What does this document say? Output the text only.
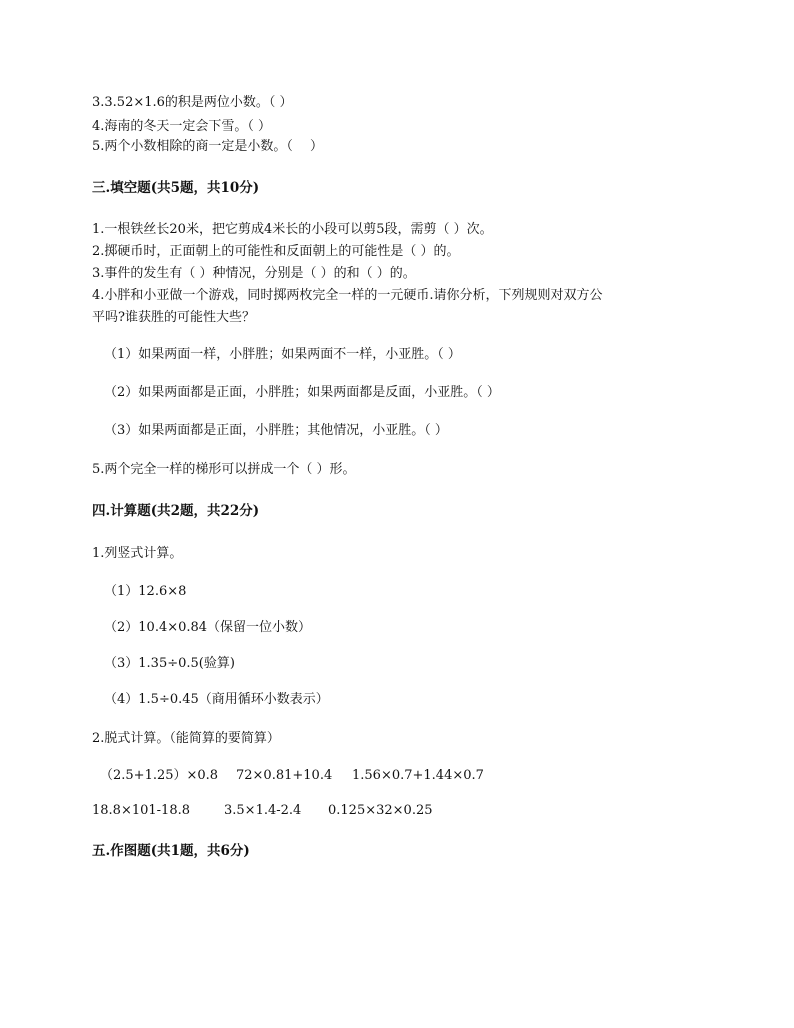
3.3.52×1.6的积是两位小数。（ ）
4.海南的冬天一定会下雪。（ ）
5.两个小数相除的商一定是小数。（　 ）
三.填空题(共5题，共10分)
1.一根铁丝长20米，把它剪成4米长的小段可以剪5段，需剪（ ）次。
2.掷硬币时，正面朝上的可能性和反面朝上的可能性是（ ）的。
3.事件的发生有（ ）种情况，分别是（ ）的和（ ）的。
4.小胖和小亚做一个游戏，同时掷两枚完全一样的一元硬币.请你分析，下列规则对双方公
平吗?谁获胜的可能性大些？
（1）如果两面一样，小胖胜；如果两面不一样，小亚胜。（ ）
（2）如果两面都是正面，小胖胜；如果两面都是反面，小亚胜。（ ）
（3）如果两面都是正面，小胖胜；其他情况，小亚胜。（ ）
5.两个完全一样的梯形可以拼成一个（ ）形。
四.计算题(共2题，共22分)
1.列竖式计算。
（1）12.6×8
（2）10.4×0.84（保留一位小数）
（3）1.35÷0.5(验算)
（4）1.5÷0.45（商用循环小数表示）
2.脱式计算。（能简算的要简算）
（2.5+1.25）×0.8 72×0.81+10.4 1.56×0.7+1.44×0.7
18.8×101-18.8	3.5×1.4-2.4 0.125×32×0.25
五.作图题(共1题，共6分)
